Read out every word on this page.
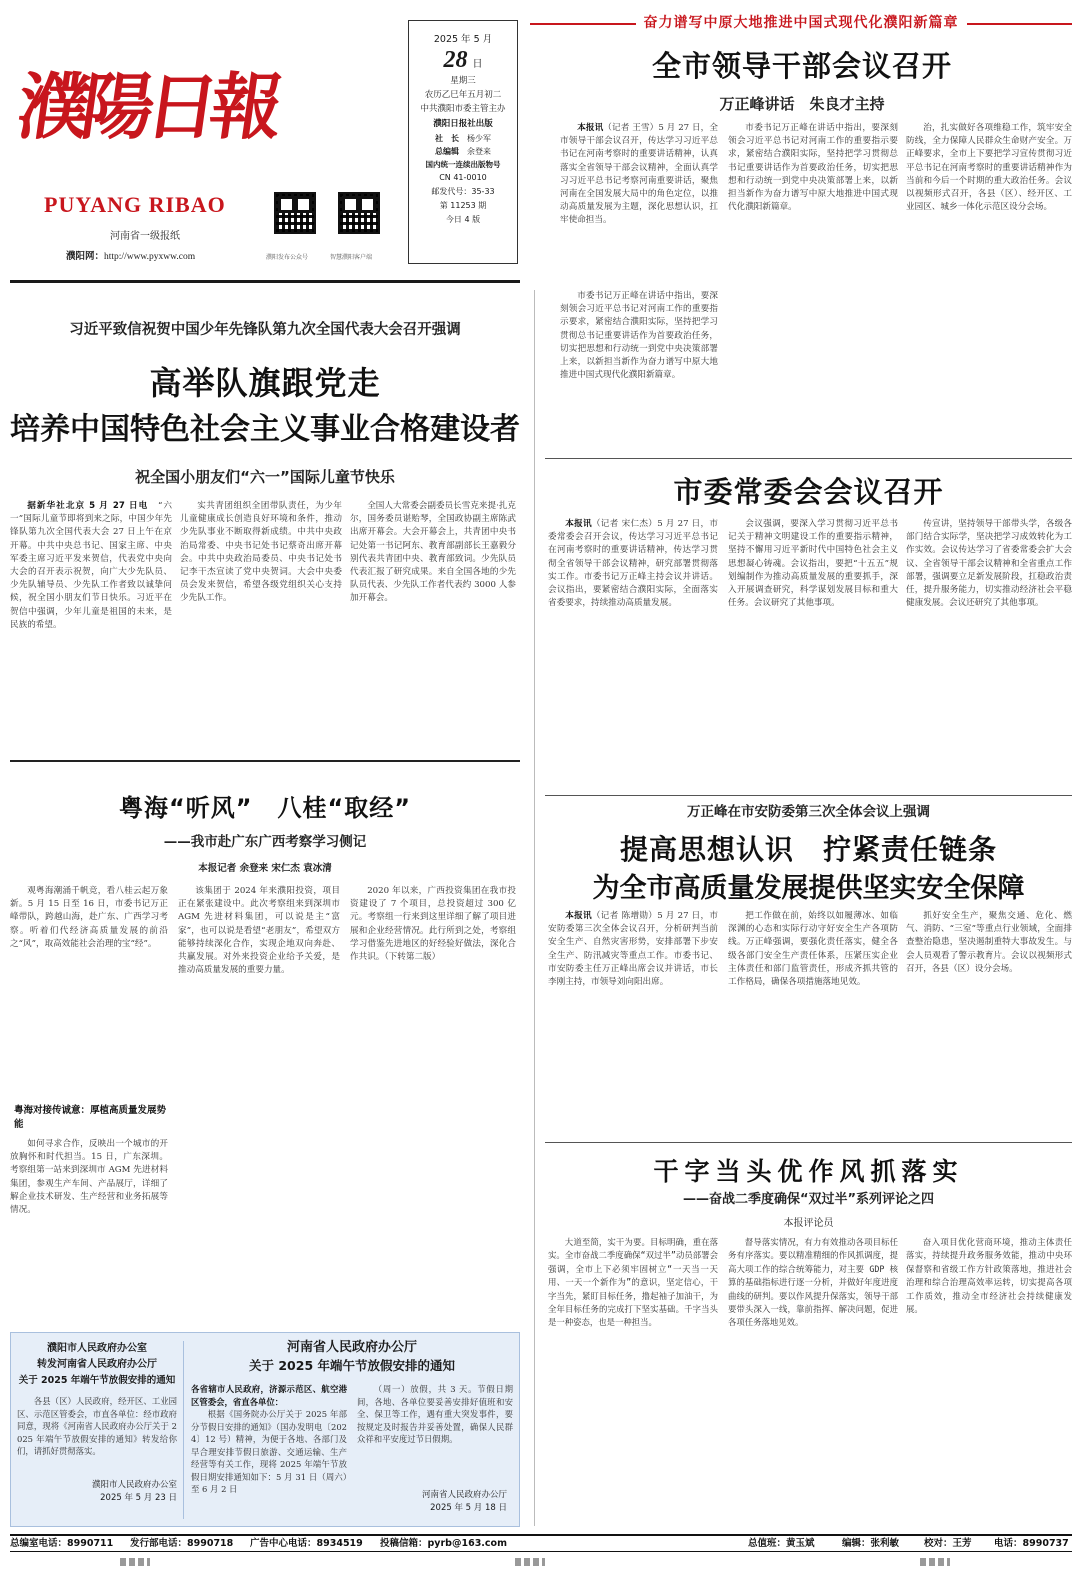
濮陽日報
PUYANG RIBAO
河南省一级报纸
濮阳网：http://www.pyxww.com	濮阳发布公众号	智慧濮阳客户端
2025 年 5 月
28 日
星期三
农历乙巳年五月初二
中共濮阳市委主管主办
濮阳日报社出版
社　长　 杨少军
总编辑　 余登来
国内统一连续出版物号
CN 41-0010
邮发代号：35-33
第 11253 期
今日 4 版
奋力谱写中原大地推进中国式现代化濮阳新篇章
全市领导干部会议召开
万正峰讲话　朱良才主持

本报讯（记者 王雪）5 月 27 日，全市领导干部会议召开，传达学习习近平总书记在河南考察时的重要讲话精神，认真落实全省领导干部会议精神，全面认真学习习近平总书记考察河南重要讲话，聚焦河南在全国发展大局中的角色定位，以推动高质量发展为主题，深化思想认识，扛牢使命担当。

市委书记万正峰在讲话中指出，要深刻领会习近平总书记对河南工作的重要指示要求，紧密结合濮阳实际，坚持把学习贯彻总书记重要讲话作为首要政治任务，切实把思想和行动统一到党中央决策部署上来，以新担当新作为奋力谱写中原大地推进中国式现代化濮阳新篇章。

治，扎实做好各项维稳工作，筑牢安全防线，全力保障人民群众生命财产安全。万正峰要求，全市上下要把学习宣传贯彻习近平总书记在河南考察时的重要讲话精神作为当前和今后一个时期的重大政治任务。会议以视频形式召开，各县（区）、经开区、工业园区、城乡一体化示范区设分会场。

市委书记万正峰在讲话中指出，要深刻领会习近平总书记对河南工作的重要指示要求，紧密结合濮阳实际，坚持把学习贯彻总书记重要讲话作为首要政治任务，切实把思想和行动统一到党中央决策部署上来，以新担当新作为奋力谱写中原大地推进中国式现代化濮阳新篇章。

习近平致信祝贺中国少年先锋队第九次全国代表大会召开强调
高举队旗跟党走
培养中国特色社会主义事业合格建设者
祝全国小朋友们“六一”国际儿童节快乐

据新华社北京 5 月 27 日电　 “六一”国际儿童节即将到来之际，中国少年先锋队第九次全国代表大会 27 日上午在京开幕。中共中央总书记、国家主席、中央军委主席习近平发来贺信，代表党中央向大会的召开表示祝贺，向广大少先队员、少先队辅导员、少先队工作者致以诚挚问候，祝全国小朋友们节日快乐。习近平在贺信中强调，少年儿童是祖国的未来，是民族的希望。

实共青团组织全团带队责任，为少年儿童健康成长创造良好环境和条件，推动少先队事业不断取得新成绩。中共中央政治局常委、中央书记处书记蔡奇出席开幕会。中共中央政治局委员、中央书记处书记李干杰宣读了党中央贺词。大会中央委员会发来贺信，希望各级党组织关心支持少先队工作。

全国人大常委会副委员长雪克来提·扎克尔，国务委员谌贻琴，全国政协副主席陈武出席开幕会。大会开幕会上，共青团中央书记处第一书记阿东、教育部副部长王嘉毅分别代表共青团中央、教育部致词。少先队员代表汇报了研究成果。来自全国各地的少先队员代表、少先队工作者代表约 3000 人参加开幕会。

市委常委会会议召开

本报讯（记者 宋仁杰）5 月 27 日，市委常委会召开会议，传达学习习近平总书记在河南考察时的重要讲话精神，传达学习贯彻全省领导干部会议精神，研究部署贯彻落实工作。市委书记万正峰主持会议并讲话。会议指出，要紧密结合濮阳实际，全面落实省委要求，持续推动高质量发展。

会议强调，要深入学习贯彻习近平总书记关于精神文明建设工作的重要指示精神，坚持不懈用习近平新时代中国特色社会主义思想凝心铸魂。会议指出，要把“十五五”规划编制作为推动高质量发展的重要抓手，深入开展调查研究，科学谋划发展目标和重大任务。会议研究了其他事项。

传宣讲，坚持领导干部带头学，各级各部门结合实际学，坚决把学习成效转化为工作实效。会议传达学习了省委常委会扩大会议、全省领导干部会议精神和全省重点工作部署，强调要立足新发展阶段，扛稳政治责任，提升服务能力，切实推动经济社会平稳健康发展。会议还研究了其他事项。

粤海“听风”　八桂“取经”
——我市赴广东广西考察学习侧记
本报记者 余登来 宋仁杰 袁冰清

观粤海潮涌千帆竞，看八桂云起万象新。5 月 15 日至 16 日，市委书记万正峰带队，跨越山海，赴广东、广西学习考察。听着们代经济高质量发展的前沿之“风”，取高效能社会治理的宝“经”。

粤海对接传诚意：厚植高质量发展势能

如何寻求合作，反映出一个城市的开放胸怀和时代担当。15 日，广东深圳。考察组第一站来到深圳市 AGM 先进材料集团，参观生产车间、产品展厅，详细了解企业技术研发、生产经营和业务拓展等情况。

该集团于 2024 年来濮阳投资，项目正在紧张建设中。此次考察组来到深圳市 AGM 先进材料集团，可以说是主“富家”，也可以说是看望“老朋友”，希望双方能够持续深化合作，实现企地双向奔赴、共赢发展。对外来投资企业给予关爱，是推动高质量发展的重要力量。

2020 年以来，广西投资集团在我市投资建设了 7 个项目，总投资超过 300 亿元。考察组一行来到这里详细了解了项目进展和企业经营情况。此行所到之处，考察组学习借鉴先进地区的好经验好做法，深化合作共识。（下转第二版）

万正峰在市安防委第三次全体会议上强调
提高思想认识　拧紧责任链条
为全市高质量发展提供坚实安全保障

本报讯（记者 陈增勋）5 月 27 日，市安防委第三次全体会议召开，分析研判当前安全生产、自然灾害形势，安排部署下步安全生产、防汛减灾等重点工作。市委书记、市安防委主任万正峰出席会议并讲话，市长李刚主持，市领导刘向阳出席。

把工作做在前，始终以如履薄冰、如临深渊的心态和实际行动守好安全生产各项防线。万正峰强调，要强化责任落实，健全各级各部门安全生产责任体系，压紧压实企业主体责任和部门监管责任，形成齐抓共管的工作格局，确保各项措施落地见效。

抓好安全生产，聚焦交通、危化、燃气、消防、“三室”等重点行业领域，全面排查整治隐患，坚决遏制重特大事故发生。与会人员观看了警示教育片。会议以视频形式召开，各县（区）设分会场。

干字当头优作风抓落实
——奋战二季度确保“双过半”系列评论之四
本报评论员

大道至简，实干为要。目标明确，重在落实。全市奋战二季度确保“双过半”动员部署会强调，全市上下必须牢固树立“一天当一天用、一天一个新作为”的意识，坚定信心，干字当先，紧盯目标任务，撸起袖子加油干，为全年目标任务的完成打下坚实基础。千字当头是一种姿态，也是一种担当。

督导落实情况，有力有效推动各项目标任务有序落实。要以精准精细的作风抓调度，提高大项工作的综合统筹能力，对主要 GDP 核算的基础指标进行逐一分析，并做好年度进度曲线的研判。要以作风提升保落实，领导干部要带头深入一线，靠前指挥、解决问题，促进各项任务落地见效。

奋入项目优化营商环境，推动主体责任落实，持续提升政务服务效能，推动中央环保督察和省级工作方针政策落地，推进社会治理和综合治理高效率运转，切实提高各项工作质效，推动全市经济社会持续健康发展。

濮阳市人民政府办公室
转发河南省人民政府办公厅
关于 2025 年端午节放假安排的通知

各县（区）人民政府，经开区、工业园区、示范区管委会，市直各单位：经市政府同意，现将《河南省人民政府办公厅关于 2025 年端午节放假安排的通知》转发给你们，请抓好贯彻落实。

濮阳市人民政府办公室
2025 年 5 月 23 日
河南省人民政府办公厅
关于 2025 年端午节放假安排的通知
各省辖市人民政府，济源示范区、航空港区管委会，省直各单位：

根据《国务院办公厅关于 2025 年部分节假日安排的通知》（国办发明电〔2024〕12 号）精神，为便于各地、各部门及早合理安排节假日旅游、交通运输、生产经营等有关工作，现将 2025 年端午节放假日期安排通知如下：5 月 31 日（周六）至 6 月 2 日

（周一）放假，共 3 天。节假日期间，各地、各单位要妥善安排好值班和安全、保卫等工作，遇有重大突发事件，要按规定及时报告并妥善处置，确保人民群众祥和平安度过节日假期。

河南省人民政府办公厅
2025 年 5 月 18 日
总编室电话：8990711 发行部电话：8990718 广告中心电话：8934519 投稿信箱：pyrb@163.com	总值班：黄玉斌	编辑：张利敏	校对：王芳 电话：8990737
